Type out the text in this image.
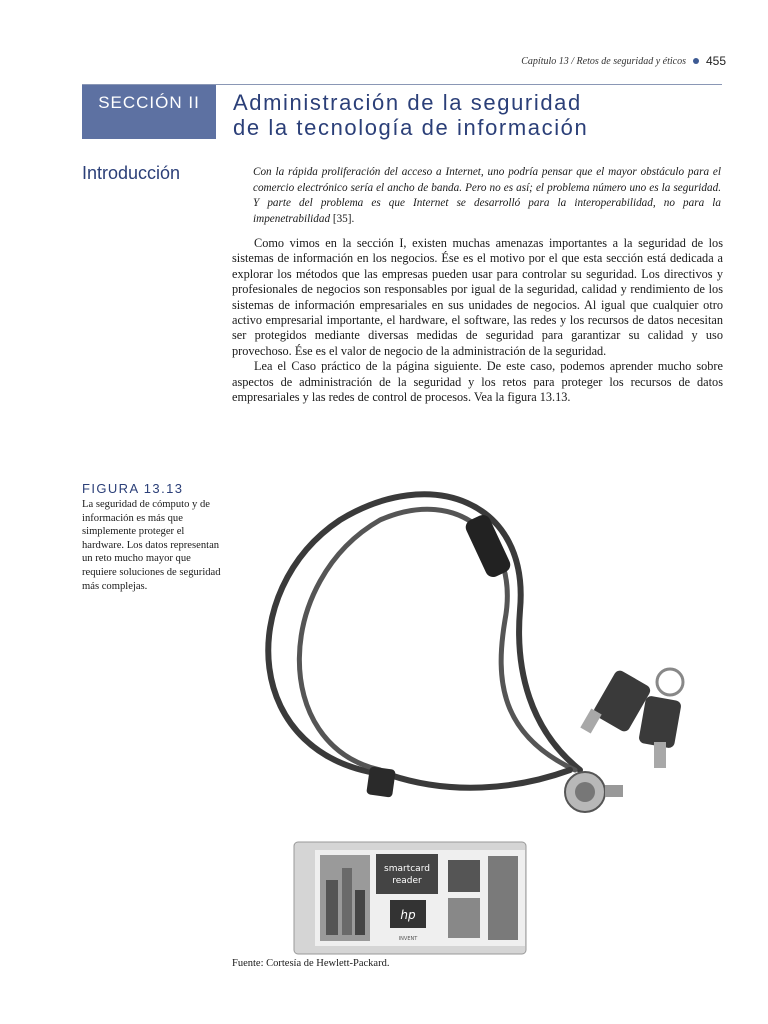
Capítulo 13 / Retos de seguridad y éticos 455
SECCIÓN II	Administración de la seguridad
de la tecnología de información
Introducción	Con la rápida proliferación del acceso a Internet, uno podría pensar que el mayor obstáculo para el comercio electrónico sería el ancho de banda. Pero no es así; el problema número uno es la seguridad. Y parte del problema es que Internet se desarrolló para la interoperabilidad, no para la impenetrabilidad [35].

Como vimos en la sección I, existen muchas amenazas importantes a la seguridad de los sistemas de información en los negocios. Ése es el motivo por el que esta sección está dedicada a explorar los métodos que las empresas pueden usar para controlar su seguridad. Los directivos y profesionales de negocios son responsables por igual de la seguridad, calidad y rendimiento de los sistemas de información empresariales en sus unidades de negocios. Al igual que cualquier otro activo empresarial importante, el hardware, el software, las redes y los recursos de datos necesitan ser protegidos mediante diversas medidas de seguridad para garantizar su calidad y uso provechoso. Ése es el valor de negocio de la administración de la seguridad.

Lea el Caso práctico de la página siguiente. De este caso, podemos aprender mucho sobre aspectos de administración de la seguridad y los retos para proteger los recursos de datos empresariales y las redes de control de procesos. Vea la figura 13.13.

FIGURA 13.13
La seguridad de cómputo y de información es más que simplemente proteger el hardware. Los datos representan un reto mucho mayor que requiere soluciones de seguridad más complejas.
smartcard
reader
hp
INVENT
Fuente: Cortesía de Hewlett-Packard.
